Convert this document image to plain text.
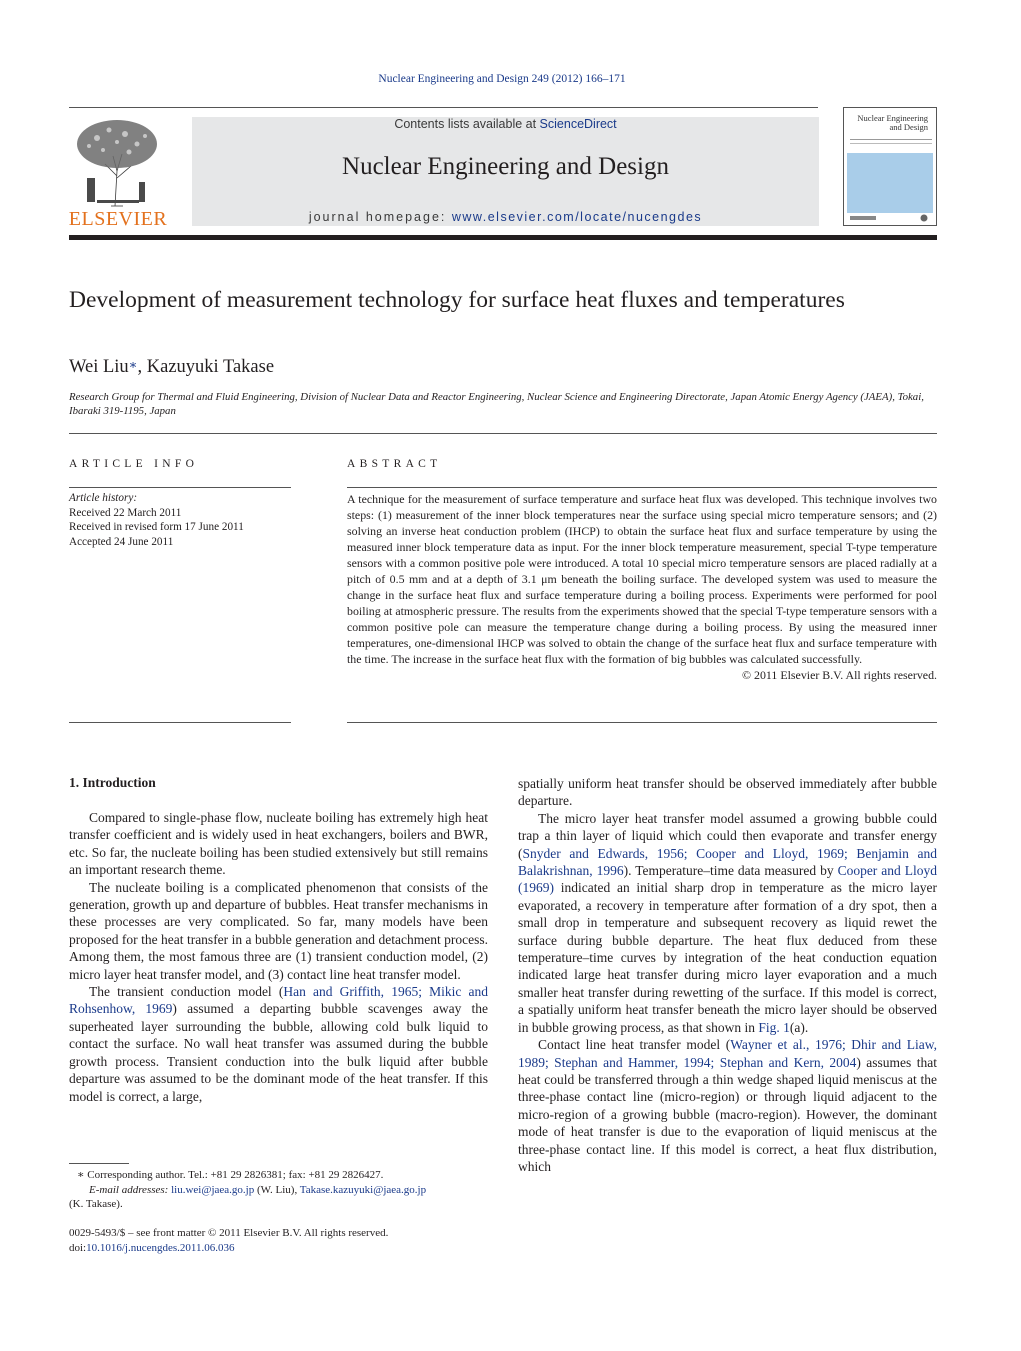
Nuclear Engineering and Design 249 (2012) 166–171
ELSEVIER
Contents lists available at ScienceDirect
Nuclear Engineering and Design
journal homepage: www.elsevier.com/locate/nucengdes
Nuclear Engineering
and Design
Development of measurement technology for surface heat fluxes and temperatures
Wei Liu∗, Kazuyuki Takase
Research Group for Thermal and Fluid Engineering, Division of Nuclear Data and Reactor Engineering, Nuclear Science and Engineering Directorate, Japan Atomic Energy Agency (JAEA), Tokai, Ibaraki 319-1195, Japan
ARTICLE INFO
Article history:
Received 22 March 2011
Received in revised form 17 June 2011
Accepted 24 June 2011
ABSTRACT
A technique for the measurement of surface temperature and surface heat flux was developed. This technique involves two steps: (1) measurement of the inner block temperatures near the surface using special micro temperature sensors; and (2) solving an inverse heat conduction problem (IHCP) to obtain the surface heat flux and surface temperature by using the measured inner block temperature data as input. For the inner block temperature measurement, special T-type temperature sensors with a common positive pole were introduced. A total 10 special micro temperature sensors are placed radially at a pitch of 0.5 mm and at a depth of 3.1 μm beneath the boiling surface. The developed system was used to measure the change in the surface heat flux and surface temperature during a boiling process. Experiments were performed for pool boiling at atmospheric pressure. The results from the experiments showed that the special T-type temperature sensors with a common positive pole can measure the temperature change during a boiling process. By using the measured inner temperatures, one-dimensional IHCP was solved to obtain the change of the surface heat flux and surface temperature with the time. The increase in the surface heat flux with the formation of big bubbles was calculated successfully.
© 2011 Elsevier B.V. All rights reserved.
1. Introduction

Compared to single-phase flow, nucleate boiling has extremely high heat transfer coefficient and is widely used in heat exchangers, boilers and BWR, etc. So far, the nucleate boiling has been studied extensively but still remains an important research theme.

The nucleate boiling is a complicated phenomenon that consists of the generation, growth up and departure of bubbles. Heat transfer mechanisms in these processes are very complicated. So far, many models have been proposed for the heat transfer in a bubble generation and detachment process. Among them, the most famous three are (1) transient conduction model, (2) micro layer heat transfer model, and (3) contact line heat transfer model.

The transient conduction model (Han and Griffith, 1965; Mikic and Rohsenhow, 1969) assumed a departing bubble scavenges away the superheated layer surrounding the bubble, allowing cold bulk liquid to contact the surface. No wall heat transfer was assumed during the bubble growth process. Transient conduction into the bulk liquid after bubble departure was assumed to be the dominant mode of the heat transfer. If this model is correct, a large,

spatially uniform heat transfer should be observed immediately after bubble departure.

The micro layer heat transfer model assumed a growing bubble could trap a thin layer of liquid which could then evaporate and transfer energy (Snyder and Edwards, 1956; Cooper and Lloyd, 1969; Benjamin and Balakrishnan, 1996). Temperature–time data measured by Cooper and Lloyd (1969) indicated an initial sharp drop in temperature as the micro layer evaporated, a recovery in temperature after formation of a dry spot, then a small drop in temperature and subsequent recovery as liquid rewet the surface during bubble departure. The heat flux deduced from these temperature–time curves by integration of the heat conduction equation indicated large heat transfer during micro layer evaporation and a much smaller heat transfer during rewetting of the surface. If this model is correct, a spatially uniform heat transfer beneath the micro layer should be observed in bubble growing process, as that shown in Fig. 1(a).

Contact line heat transfer model (Wayner et al., 1976; Dhir and Liaw, 1989; Stephan and Hammer, 1994; Stephan and Kern, 2004) assumes that heat could be transferred through a thin wedge shaped liquid meniscus at the three-phase contact line (micro-region) or through liquid adjacent to the micro-region of a growing bubble (macro-region). However, the dominant mode of heat transfer is due to the evaporation of liquid meniscus at the three-phase contact line. If this model is correct, a heat flux distribution, which

∗ Corresponding author. Tel.: +81 29 2826381; fax: +81 29 2826427.
E-mail addresses: liu.wei@jaea.go.jp (W. Liu), Takase.kazuyuki@jaea.go.jp
(K. Takase).
0029-5493/$ – see front matter © 2011 Elsevier B.V. All rights reserved.
doi:10.1016/j.nucengdes.2011.06.036
